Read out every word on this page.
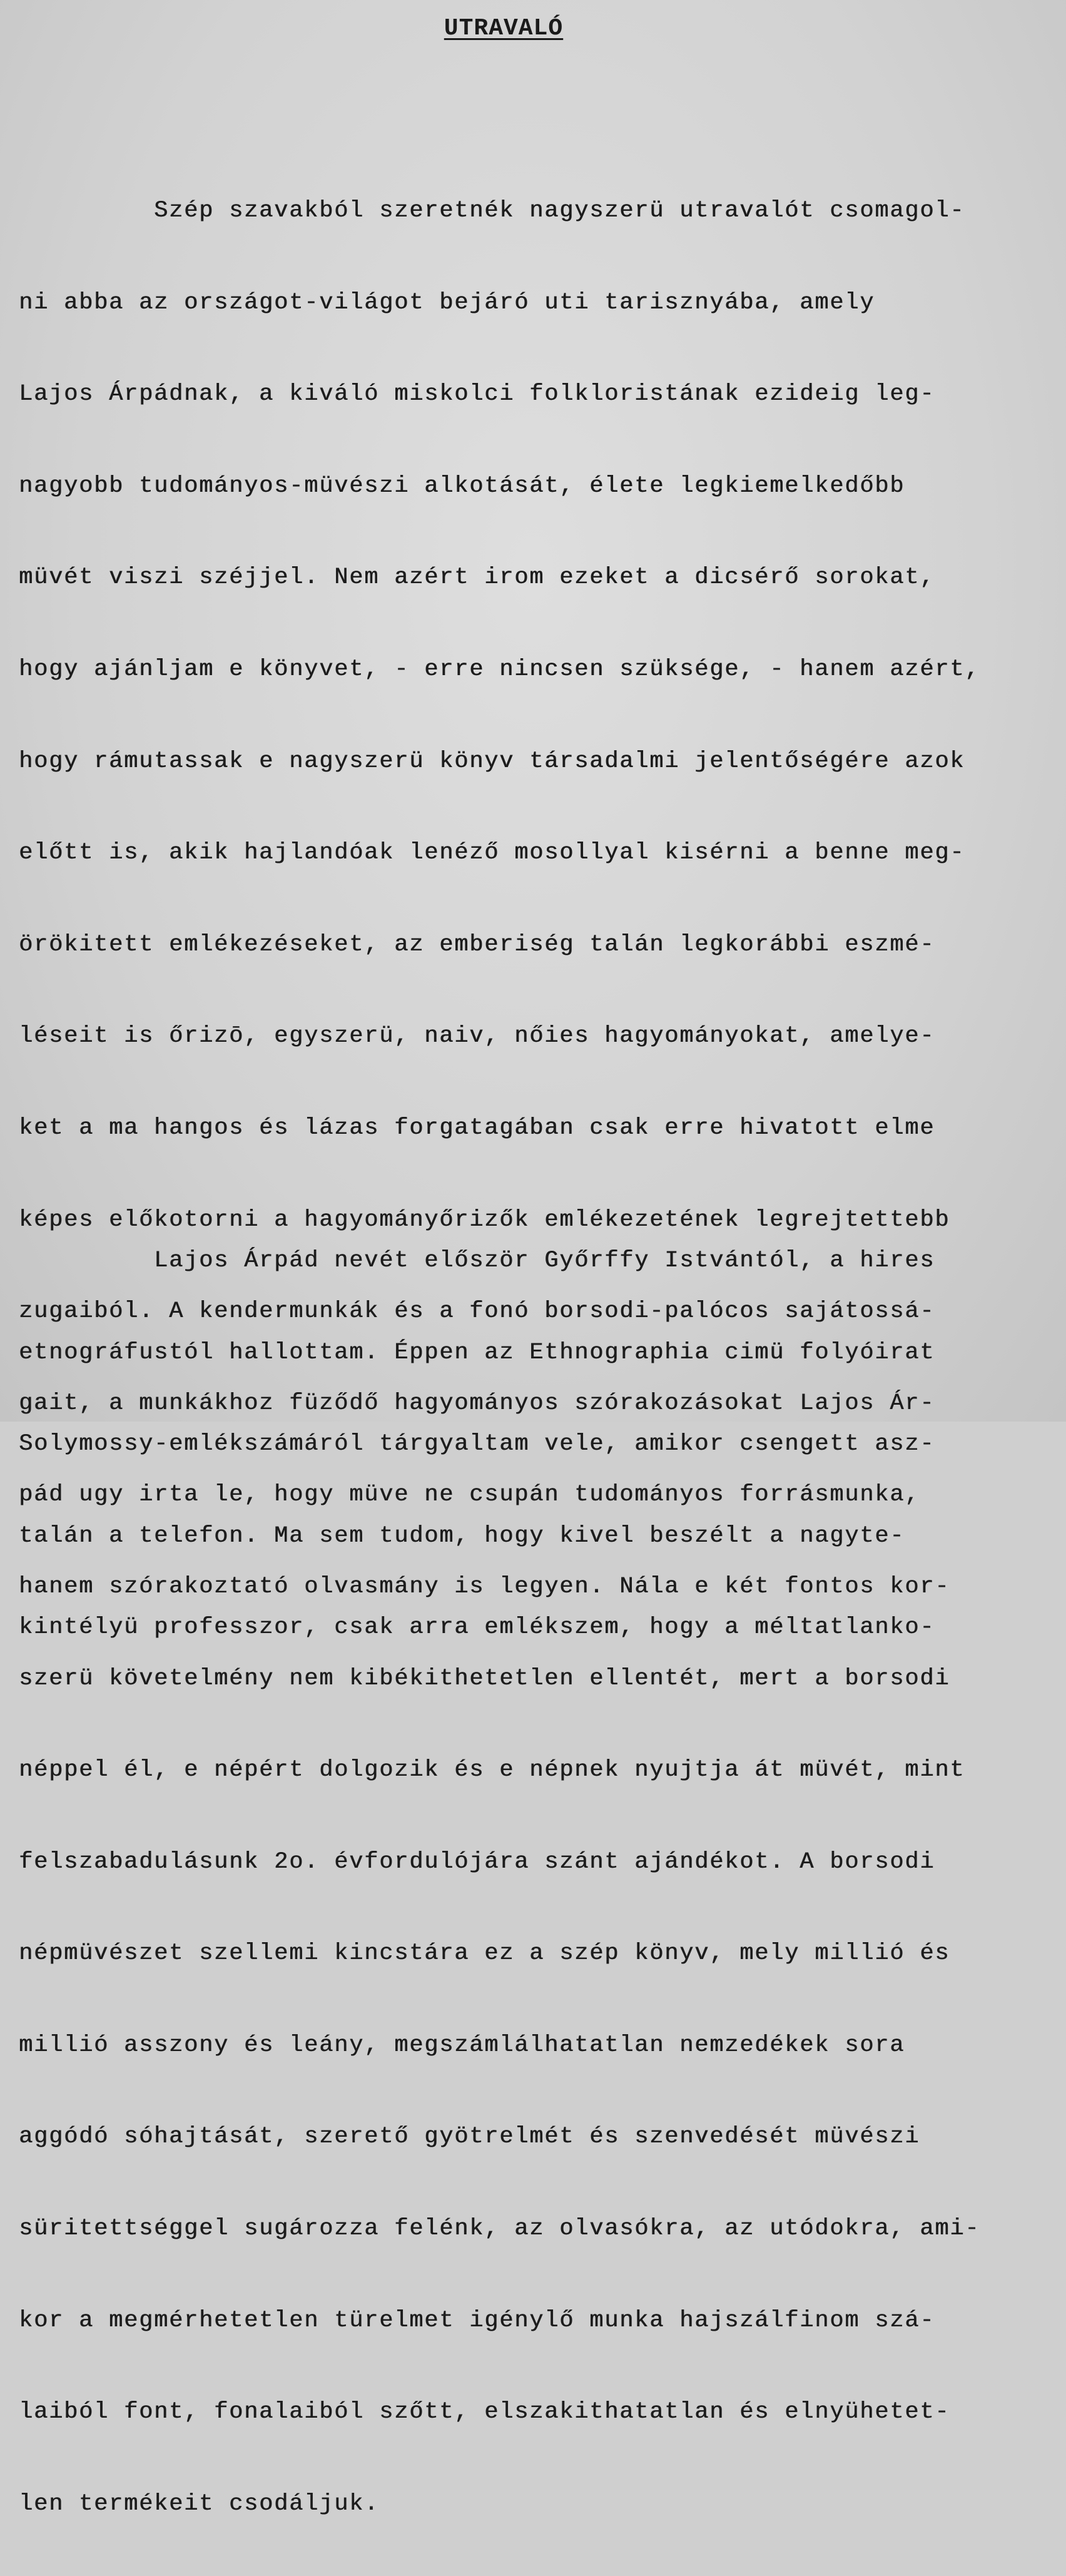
UTRAVALÓ

Szép szavakból szeretnék nagyszerü utravalót csomagol-

ni abba az országot-világot bejáró uti tarisznyába, amely

Lajos Árpádnak, a kiváló miskolci folkloristának ezideig leg-

nagyobb tudományos-müvészi alkotását, élete legkiemelkedőbb

müvét viszi széjjel. Nem azért irom ezeket a dicsérő sorokat,

hogy ajánljam e könyvet, - erre nincsen szüksége, - hanem azért,

hogy rámutassak e nagyszerü könyv társadalmi jelentőségére azok

előtt is, akik hajlandóak lenéző mosollyal kisérni a benne meg-

örökitett emlékezéseket, az emberiség talán legkorábbi eszmé-

léseit is őrizō, egyszerü, naiv, nőies hagyományokat, amelye-

ket a ma hangos és lázas forgatagában csak erre hivatott elme

képes előkotorni a hagyományőrizők emlékezetének legrejtettebb

zugaiból. A kendermunkák és a fonó borsodi-palócos sajátossá-

gait, a munkákhoz füződő hagyományos szórakozásokat Lajos Ár-

pád ugy irta le, hogy müve ne csupán tudományos forrásmunka,

hanem szórakoztató olvasmány is legyen. Nála e két fontos kor-

szerü követelmény nem kibékithetetlen ellentét, mert a borsodi

néppel él, e népért dolgozik és e népnek nyujtja át müvét, mint

felszabadulásunk 2o. évfordulójára szánt ajándékot. A borsodi

népmüvészet szellemi kincstára ez a szép könyv, mely millió és

millió asszony és leány, megszámlálhatatlan nemzedékek sora

aggódó sóhajtását, szerető gyötrelmét és szenvedését müvészi

süritettséggel sugározza felénk, az olvasókra, az utódokra, ami-

kor a megmérhetetlen türelmet igénylő munka hajszálfinom szá-

laiból font, fonalaiból szőtt, elszakithatatlan és elnyühetet-

len termékeit csodáljuk.

Lajos Árpád nevét először Győrffy Istvántól, a hires

etnográfustól hallottam. Éppen az Ethnographia cimü folyóirat

Solymossy-emlékszámáról tárgyaltam vele, amikor csengett asz-

talán a telefon. Ma sem tudom, hogy kivel beszélt a nagyte-

kintélyü professzor, csak arra emlékszem, hogy a méltatlanko-
